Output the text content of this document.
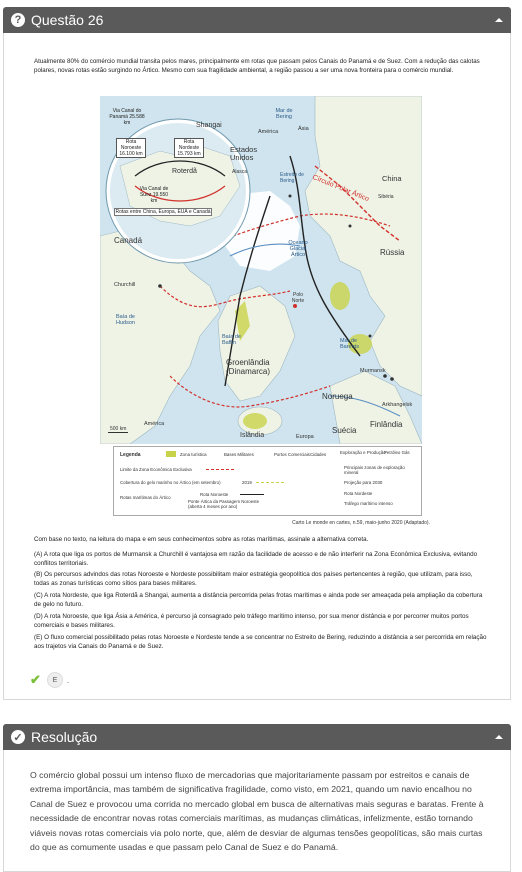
? Questão 26
Atualmente 80% do comércio mundial transita pelos mares, principalmente em rotas que passam pelos Canais do Panamá e de Suez. Com a redução das calotas polares, novas rotas estão surgindo no Ártico. Mesmo com sua fragilidade ambiental, a região passou a ser uma nova fronteira para o comércio mundial.
Via Canal do Panamá 25.588 km
Rota Noroeste 16.100 km
Rota Nordeste 15.793 km
Shangai
Roterdã
Via Canal de Suez 19.550 km
Rotas entre China, Europa, EUA e Canadá
Mar de Bering
América	Ásia
Estados Unidos
Alasca	Estreito de Bering	Círculo Polar Ártico China
Sibéria
Canadá
Rússia
Oceano Glacial Ártico
Polo Norte
Churchill
Baía de Hudson
Baía de Baffin
Groenlândia (Dinamarca)
Mar de Barents
Murmansk
Arkhangelsk
Noruega
Finlândia
Suécia
Islândia	Europa
América
500 km
Legenda	Zona turística	Bases Militares	Portos Comerciais Cidades	Exploração e Produção
Petróleo Gás
Limite da Zona Econômica Exclusiva	Principais zonas de exploração mineral
Cobertura do gelo marinho no Ártico (em setembro)	2019	Projeção para 2030
Rotas marítimas do Ártico
Rota Noroeste
Ponte Ártica da Passagem Noroeste (aberta 4 meses por ano)
Rota Nordeste
Tráfego marítimo intenso
Carto Le monde en cartes, n.59, maio-junho 2020 (Adaptado).
Com base no texto, na leitura do mapa e em seus conhecimentos sobre as rotas marítimas, assinale a alternativa correta.
(A) A rota que liga os portos de Murmansk a Churchill é vantajosa em razão da facilidade de acesso e de não interferir na Zona Econômica Exclusiva, evitando conflitos territoriais.
(B) Os percursos advindos das rotas Noroeste e Nordeste possibilitam maior estratégia geopolítica dos países pertencentes à região, que utilizam, para isso, todas as zonas turísticas como sítios para bases militares.
(C) A rota Nordeste, que liga Roterdã a Shangai, aumenta a distância percorrida pelas frotas marítimas e ainda pode ser ameaçada pela ampliação da cobertura de gelo no futuro.
(D) A rota Noroeste, que liga Ásia a América, é percurso já consagrado pelo tráfego marítimo intenso, por sua menor distância e por percorrer muitos portos comerciais e bases militares.
(E) O fluxo comercial possibilitado pelas rotas Noroeste e Nordeste tende a se concentrar no Estreito de Bering, reduzindo a distância a ser percorrida em relação aos trajetos via Canais do Panamá e de Suez.
✔	E	.
✓ Resolução
O comércio global possui um intenso fluxo de mercadorias que majoritariamente passam por estreitos e canais de extrema importância, mas também de significativa fragilidade, como visto, em 2021, quando um navio encalhou no Canal de Suez e provocou uma corrida no mercado global em busca de alternativas mais seguras e baratas. Frente à necessidade de encontrar novas rotas comerciais marítimas, as mudanças climáticas, infelizmente, estão tornando viáveis novas rotas comerciais via polo norte, que, além de desviar de algumas tensões geopolíticas, são mais curtas do que as comumente usadas e que passam pelo Canal de Suez e do Panamá.
